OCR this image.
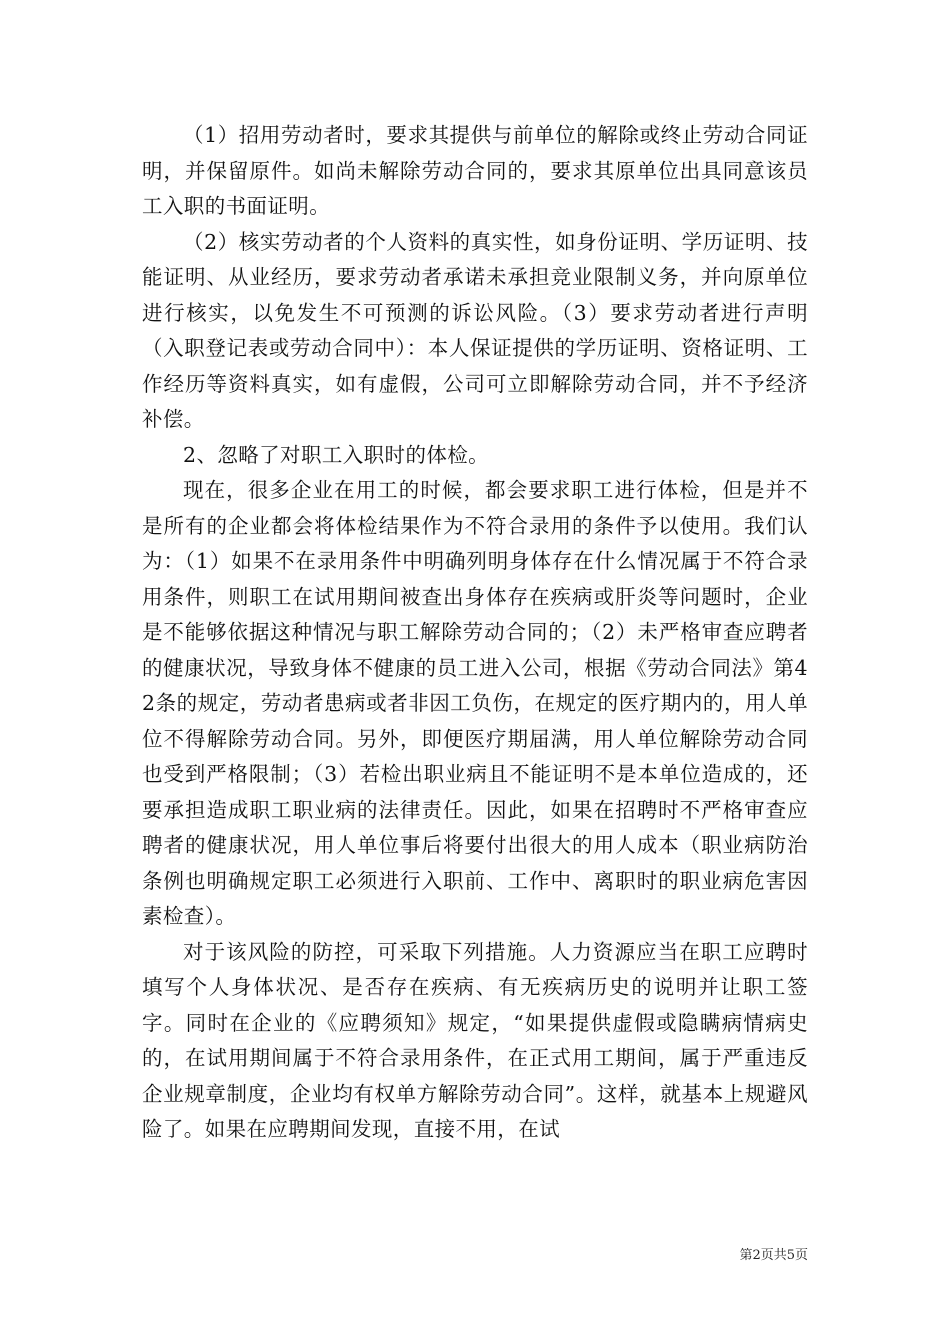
（1）招用劳动者时，要求其提供与前单位的解除或终止劳动合同证明，并保留原件。如尚未解除劳动合同的，要求其原单位出具同意该员工入职的书面证明。

（2）核实劳动者的个人资料的真实性，如身份证明、学历证明、技能证明、从业经历，要求劳动者承诺未承担竞业限制义务，并向原单位进行核实，以免发生不可预测的诉讼风险。（3）要求劳动者进行声明（入职登记表或劳动合同中）：本人保证提供的学历证明、资格证明、工作经历等资料真实，如有虚假，公司可立即解除劳动合同，并不予经济补偿。

2、忽略了对职工入职时的体检。

现在，很多企业在用工的时候，都会要求职工进行体检，但是并不是所有的企业都会将体检结果作为不符合录用的条件予以使用。我们认为：（1）如果不在录用条件中明确列明身体存在什么情况属于不符合录用条件，则职工在试用期间被查出身体存在疾病或肝炎等问题时，企业是不能够依据这种情况与职工解除劳动合同的；（2）未严格审查应聘者的健康状况，导致身体不健康的员工进入公司，根据《劳动合同法》第42条的规定，劳动者患病或者非因工负伤，在规定的医疗期内的，用人单位不得解除劳动合同。另外，即便医疗期届满，用人单位解除劳动合同也受到严格限制；（3）若检出职业病且不能证明不是本单位造成的，还要承担造成职工职业病的法律责任。因此，如果在招聘时不严格审查应聘者的健康状况，用人单位事后将要付出很大的用人成本（职业病防治条例也明确规定职工必须进行入职前、工作中、离职时的职业病危害因素检查）。

对于该风险的防控，可采取下列措施。人力资源应当在职工应聘时填写个人身体状况、是否存在疾病、有无疾病历史的说明并让职工签字。同时在企业的《应聘须知》规定，“如果提供虚假或隐瞒病情病史的，在试用期间属于不符合录用条件，在正式用工期间，属于严重违反企业规章制度，企业均有权单方解除劳动合同”。这样，就基本上规避风险了。如果在应聘期间发现，直接不用，在试

第2页共5页
